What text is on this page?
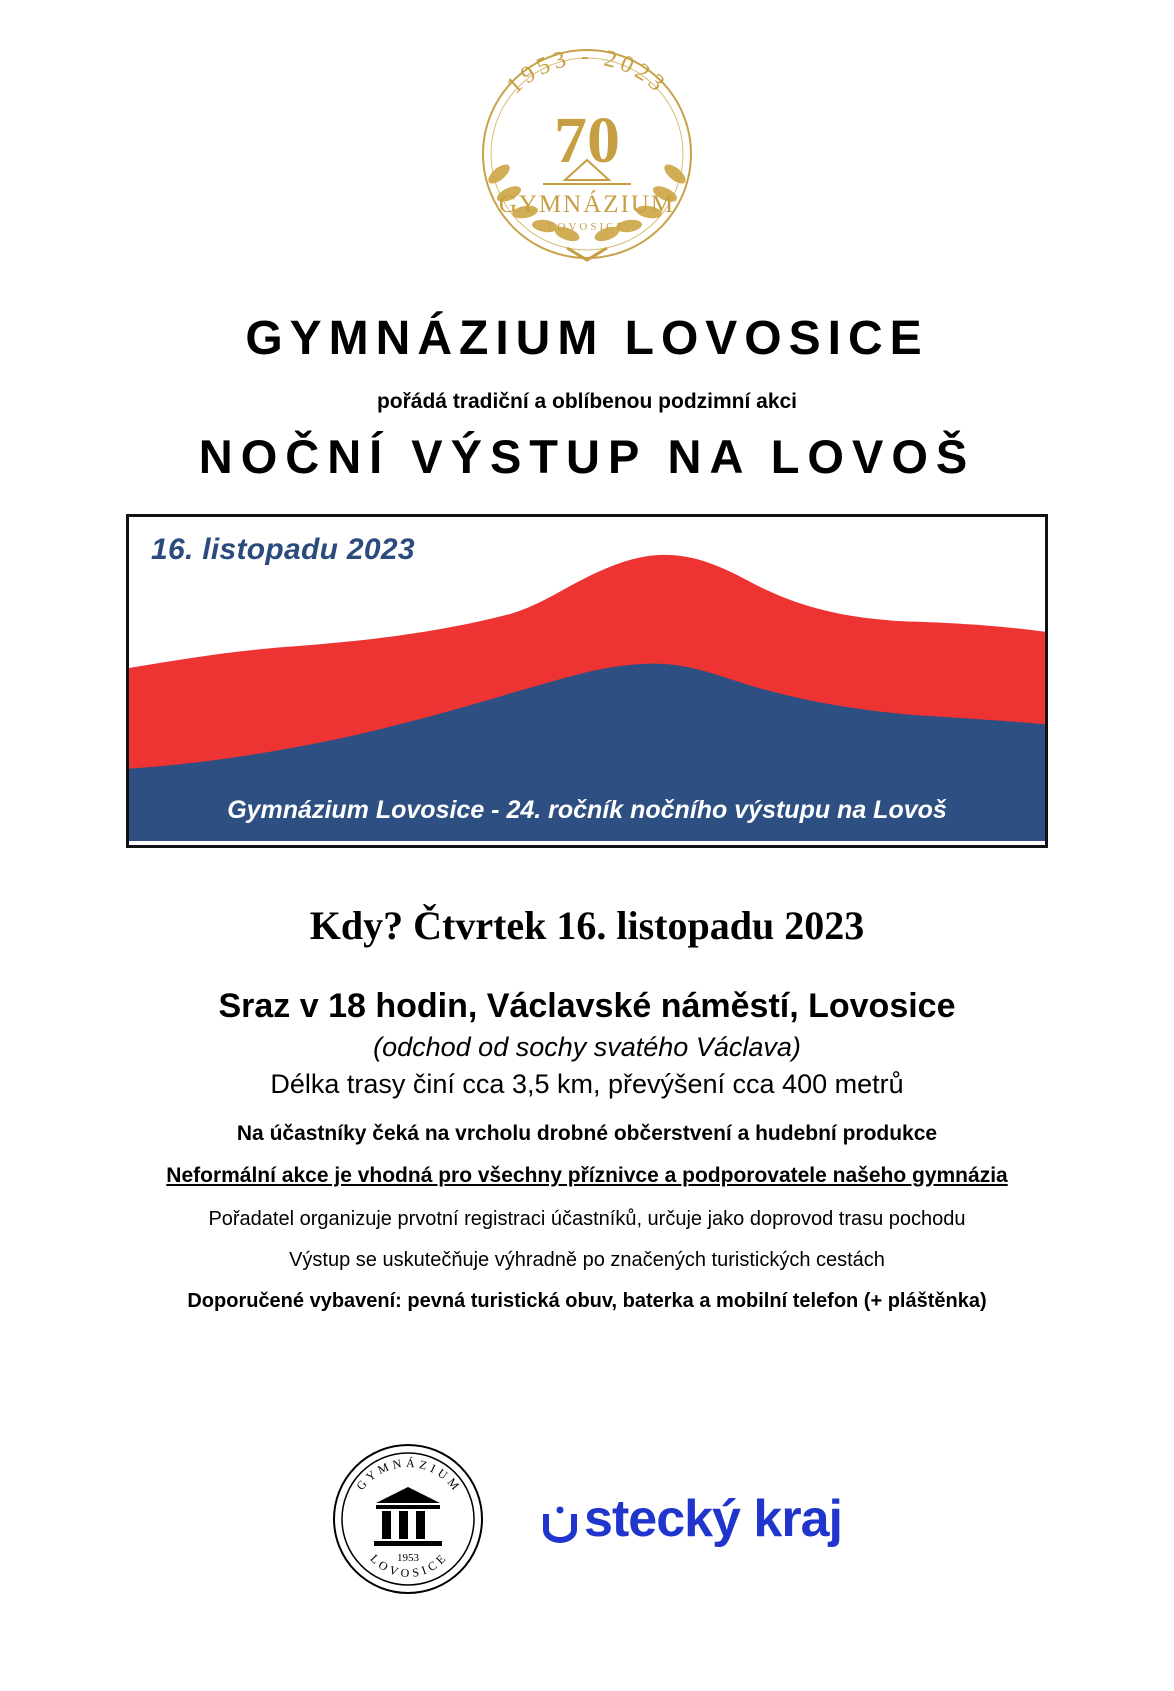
1953 - 2023
70
GYMNÁZIUM
LOVOSICE
GYMNÁZIUM LOVOSICE
pořádá tradiční a oblíbenou podzimní akci
NOČNÍ VÝSTUP NA LOVOŠ
16. listopadu 2023
Gymnázium Lovosice - 24. ročník nočního výstupu na Lovoš
Kdy? Čtvrtek 16. listopadu 2023
Sraz v 18 hodin, Václavské náměstí, Lovosice
(odchod od sochy svatého Václava)
Délka trasy činí cca 3,5 km, převýšení cca 400 metrů
Na účastníky čeká na vrcholu drobné občerstvení a hudební produkce
Neformální akce je vhodná pro všechny příznivce a podporovatele našeho gymnázia
Pořadatel organizuje prvotní registraci účastníků, určuje jako doprovod trasu pochodu
Výstup se uskutečňuje výhradně po značených turistických cestách
Doporučené vybavení: pevná turistická obuv, baterka a mobilní telefon (+ pláštěnka)
G Y M N Á Z I U M
L O V O S I C E
1953
stecký kraj
